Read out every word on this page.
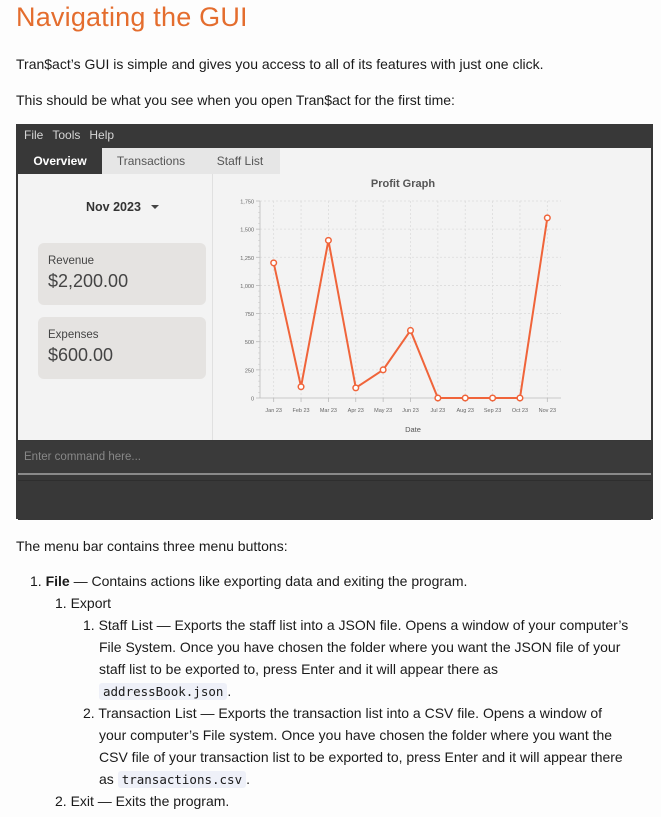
Navigating the GUI
Tran$act’s GUI is simple and gives you access to all of its features with just one click.
This should be what you see when you open Tran$act for the first time:
File Tools Help
Overview	Transactions	Staff List
Nov 2023
Revenue
$2,200.00
Expenses
$600.00
Profit Graph
Date
0
250
500
750
1,000
1,250
1,500
1,750
Jan 23 Feb 23 Mar 23 Apr 23 May 23 Jun 23 Jul 23 Aug 23 Sep 23 Oct 23 Nov 23
Enter command here...
The menu bar contains three menu buttons:
1. File — Contains actions like exporting data and exiting the program.
1. Export
1. Staff List — Exports the staff list into a JSON file. Opens a window of your computer’s
File System. Once you have chosen the folder where you want the JSON file of your
staff list to be exported to, press Enter and it will appear there as
addressBook.json .
2. Transaction List — Exports the transaction list into a CSV file. Opens a window of
your computer’s File system. Once you have chosen the folder where you want the
CSV file of your transaction list to be exported to, press Enter and it will appear there
as transactions.csv .
2. Exit — Exits the program.
